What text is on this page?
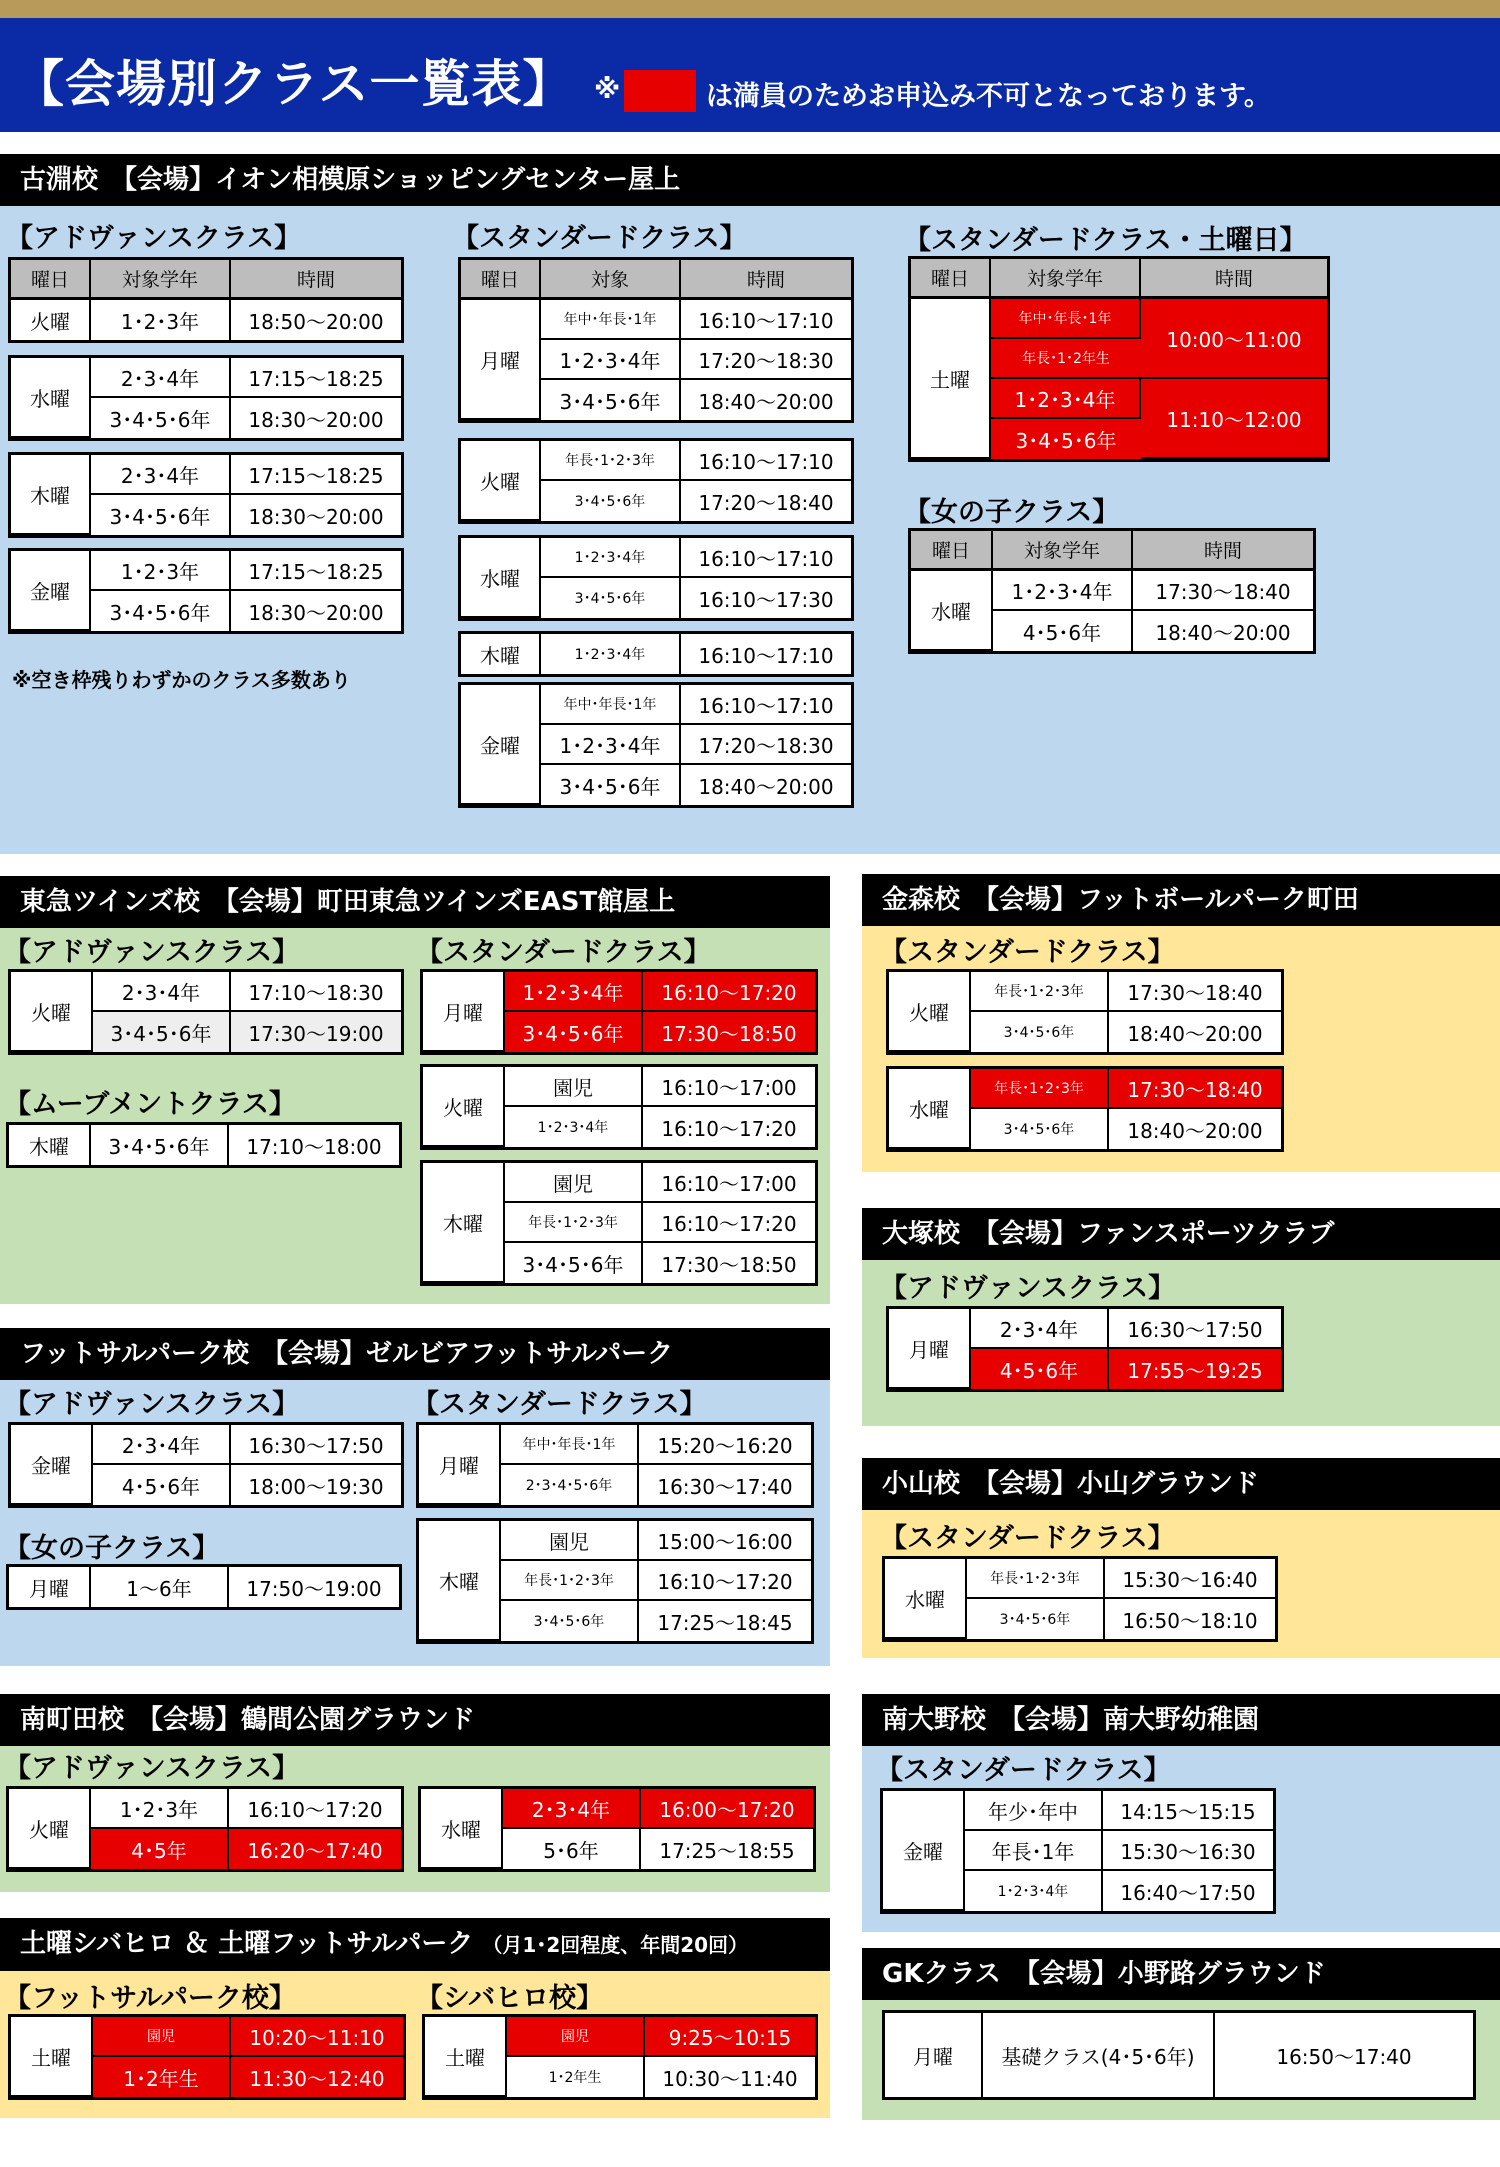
【会場別クラス一覧表】 ※	は満員のためお申込み不可となっております。
古淵校　【会場】イオン相模原ショッピングセンター屋上
【アドヴァンスクラス】
曜日	対象学年	時間
火曜	1･2･3年	18:50～20:00
水曜	2･3･4年	17:15～18:25
	3･4･5･6年	18:30～20:00
木曜	2･3･4年	17:15～18:25
	3･4･5･6年	18:30～20:00
金曜	1･2･3年	17:15～18:25
	3･4･5･6年	18:30～20:00
※空き枠残りわずかのクラス多数あり
【スタンダードクラス】
曜日	対象	時間
月曜	年中･年長･1年	16:10～17:10
	1･2･3･4年	17:20～18:30
	3･4･5･6年	18:40～20:00
火曜	年長･1･2･3年	16:10～17:10
	3･4･5･6年	17:20～18:40
水曜	1･2･3･4年	16:10～17:10
	3･4･5･6年	16:10～17:30
木曜	1･2･3･4年	16:10～17:10
金曜	年中･年長･1年	16:10～17:10
	1･2･3･4年	17:20～18:30
	3･4･5･6年	18:40～20:00
【スタンダードクラス・土曜日】
曜日	対象学年	時間
土曜	年中･年長･1年	10:00～11:00
	年長･1･2年生	
	1･2･3･4年	11:10～12:00
	3･4･5･6年	
【女の子クラス】
曜日	対象学年	時間
水曜	1･2･3･4年	17:30～18:40
	4･5･6年	18:40～20:00
東急ツインズ校　【会場】町田東急ツインズEAST館屋上
【アドヴァンスクラス】
火曜	2･3･4年	17:10～18:30
	3･4･5･6年	17:30～19:00
【ムーブメントクラス】
木曜	3･4･5･6年	17:10～18:00
【スタンダードクラス】
月曜	1･2･3･4年	16:10～17:20
	3･4･5･6年	17:30～18:50
火曜	園児	16:10～17:00
	1･2･3･4年	16:10～17:20
木曜	園児	16:10～17:00
	年長･1･2･3年	16:10～17:20
	3･4･5･6年	17:30～18:50
金森校　【会場】フットボールパーク町田
【スタンダードクラス】
火曜	年長･1･2･3年	17:30～18:40
	3･4･5･6年	18:40～20:00
水曜	年長･1･2･3年	17:30～18:40
	3･4･5･6年	18:40～20:00
大塚校　【会場】ファンスポーツクラブ
【アドヴァンスクラス】
月曜	2･3･4年	16:30～17:50
	4･5･6年	17:55～19:25
フットサルパーク校　【会場】ゼルビアフットサルパーク
【アドヴァンスクラス】
金曜	2･3･4年	16:30～17:50
	4･5･6年	18:00～19:30
【女の子クラス】
月曜	1～6年	17:50～19:00
【スタンダードクラス】
月曜	年中･年長･1年	15:20～16:20
	2･3･4･5･6年	16:30～17:40
木曜	園児	15:00～16:00
	年長･1･2･3年	16:10～17:20
	3･4･5･6年	17:25～18:45
小山校　【会場】小山グラウンド
【スタンダードクラス】
水曜	年長･1･2･3年	15:30～16:40
	3･4･5･6年	16:50～18:10
南町田校　【会場】鶴間公園グラウンド
【アドヴァンスクラス】
火曜	1･2･3年	16:10～17:20
	4･5年	16:20～17:40
水曜	2･3･4年	16:00～17:20
	5･6年	17:25～18:55
南大野校　【会場】南大野幼稚園
【スタンダードクラス】
金曜	年少･年中	14:15～15:15
	年長･1年	15:30～16:30
	1･2･3･4年	16:40～17:50
土曜シバヒロ ＆ 土曜フットサルパーク （月1･2回程度、年間20回）
【フットサルパーク校】
土曜	園児	10:20～11:10
	1･2年生	11:30～12:40
【シバヒロ校】
土曜	園児	9:25～10:15
	1･2年生	10:30～11:40
GKクラス　【会場】小野路グラウンド
月曜	基礎クラス(4･5･6年)	16:50～17:40
